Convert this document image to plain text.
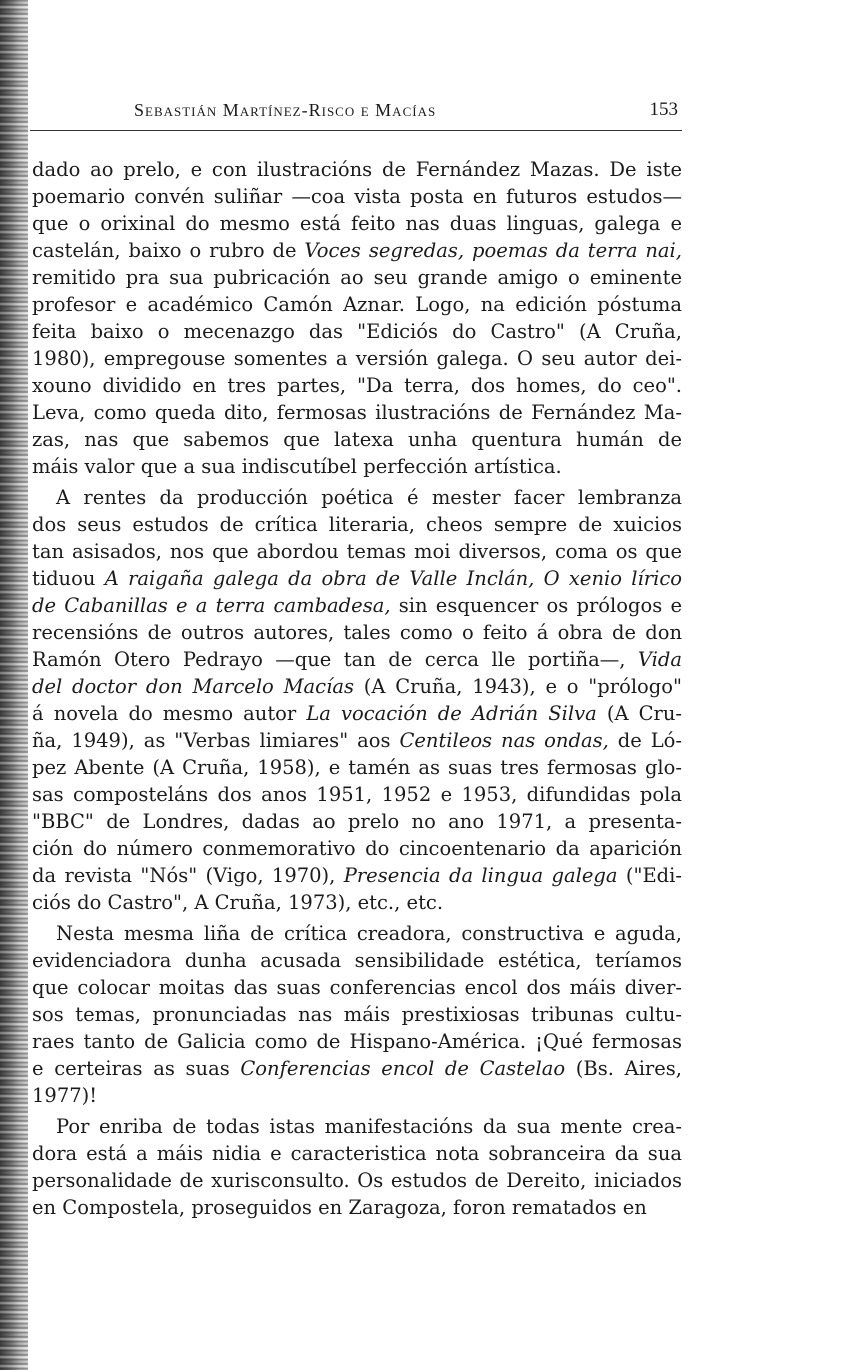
Sebastián Martínez-Risco e Macías	153
dado ao prelo, e con ilustracións de Fernández Mazas. De iste
poemario convén suliñar —coa vista posta en futuros estudos—
que o orixinal do mesmo está feito nas duas linguas, galega e
castelán, baixo o rubro de Voces segredas, poemas da terra nai,
remitido pra sua pubricación ao seu grande amigo o eminente
profesor e académico Camón Aznar. Logo, na edición póstuma
feita baixo o mecenazgo das "Ediciós do Castro" (A Cruña,
1980), empregouse somentes a versión galega. O seu autor dei-
xouno dividido en tres partes, "Da terra, dos homes, do ceo".
Leva, como queda dito, fermosas ilustracións de Fernández Ma-
zas, nas que sabemos que latexa unha quentura humán de
máis valor que a sua indiscutíbel perfección artística.
A rentes da producción poética é mester facer lembranza
dos seus estudos de crítica literaria, cheos sempre de xuicios
tan asisados, nos que abordou temas moi diversos, coma os que
tiduou A raigaña galega da obra de Valle Inclán, O xenio lírico
de Cabanillas e a terra cambadesa, sin esquencer os prólogos e
recensións de outros autores, tales como o feito á obra de don
Ramón Otero Pedrayo —que tan de cerca lle portiña—, Vida
del doctor don Marcelo Macías (A Cruña, 1943), e o "prólogo"
á novela do mesmo autor La vocación de Adrián Silva (A Cru-
ña, 1949), as "Verbas limiares" aos Centileos nas ondas, de Ló-
pez Abente (A Cruña, 1958), e tamén as suas tres fermosas glo-
sas composteláns dos anos 1951, 1952 e 1953, difundidas pola
"BBC" de Londres, dadas ao prelo no ano 1971, a presenta-
ción do número conmemorativo do cincoentenario da aparición
da revista "Nós" (Vigo, 1970), Presencia da lingua galega ("Edi-
ciós do Castro", A Cruña, 1973), etc., etc.
Nesta mesma liña de crítica creadora, constructiva e aguda,
evidenciadora dunha acusada sensibilidade estética, teríamos
que colocar moitas das suas conferencias encol dos máis diver-
sos temas, pronunciadas nas máis prestixiosas tribunas cultu-
raes tanto de Galicia como de Hispano-América. ¡Qué fermosas
e certeiras as suas Conferencias encol de Castelao (Bs. Aires,
1977)!
Por enriba de todas istas manifestacións da sua mente crea-
dora está a máis nidia e caracteristica nota sobranceira da sua
personalidade de xurisconsulto. Os estudos de Dereito, iniciados
en Compostela, proseguidos en Zaragoza, foron rematados en
